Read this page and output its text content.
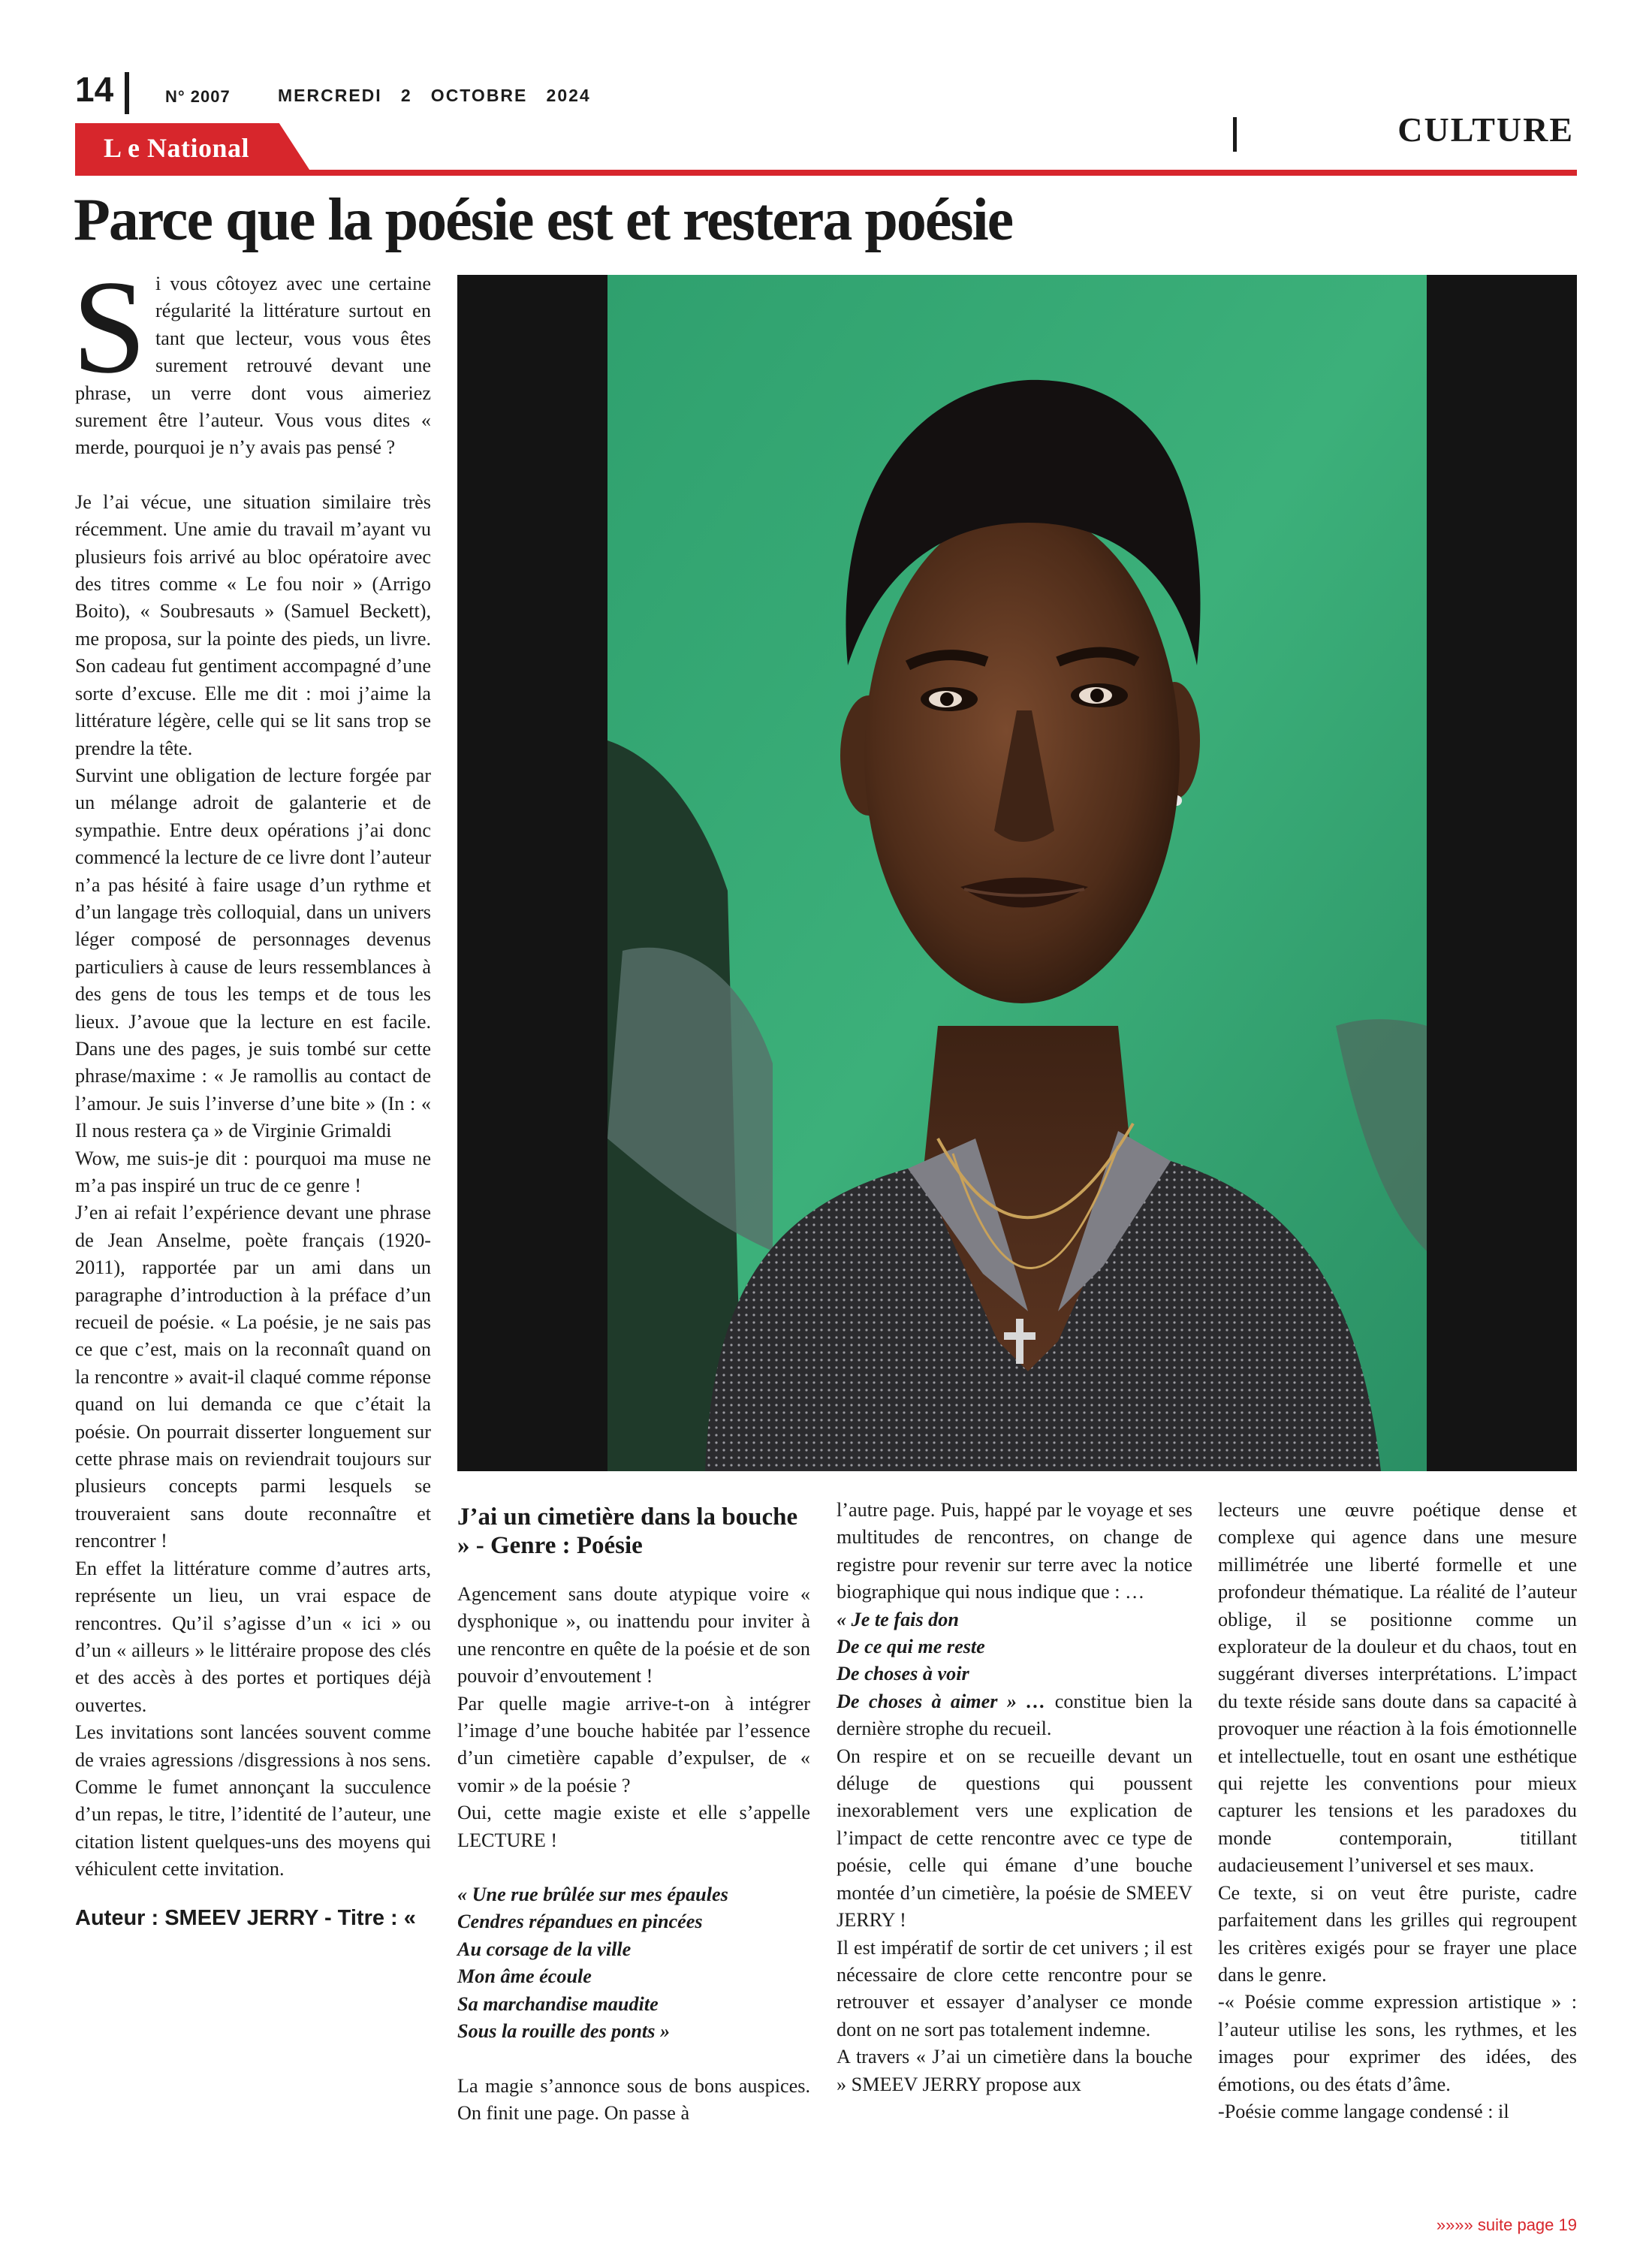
14	N° 2007	MERCREDI   2   OCTOBRE   2024
L e National	CULTURE
Parce que la poésie est et restera poésie
S i vous côtoyez avec une certaine régularité la littérature surtout en tant que lecteur, vous vous êtes surement retrouvé devant une phrase, un verre dont vous aimeriez surement être l’auteur. Vous vous dites « merde, pourquoi je n’y avais pas pensé ?

Je l’ai vécue, une situation similaire très récemment. Une amie du travail m’ayant vu plusieurs fois arrivé au bloc opératoire avec des titres comme « Le fou noir » (Arrigo Boito), « Soubresauts » (Samuel Beckett), me proposa, sur la pointe des pieds, un livre. Son cadeau fut gentiment accompagné d’une sorte d’excuse. Elle me dit : moi j’aime la littérature légère, celle qui se lit sans trop se prendre la tête.

Survint une obligation de lecture forgée par un mélange adroit de galanterie et de sympathie. Entre deux opérations j’ai donc commencé la lecture de ce livre dont l’auteur n’a pas hésité à faire usage d’un rythme et d’un langage très colloquial, dans un univers léger composé de personnages devenus particuliers à cause de leurs ressemblances à des gens de tous les temps et de tous les lieux. J’avoue que la lecture en est facile. Dans une des pages, je suis tombé sur cette phrase/maxime : « Je ramollis au contact de l’amour. Je suis l’inverse d’une bite » (In : « Il nous restera ça » de Virginie Grimaldi

Wow, me suis-je dit : pourquoi ma muse ne m’a pas inspiré un truc de ce genre !

J’en ai refait l’expérience devant une phrase de Jean Anselme, poète français (1920-2011), rapportée par un ami dans un paragraphe d’introduction à la préface d’un recueil de poésie. « La poésie, je ne sais pas ce que c’est, mais on la reconnaît quand on la rencontre » avait-il claqué comme réponse quand on lui demanda ce que c’était la poésie. On pourrait disserter longuement sur cette phrase mais on reviendrait toujours sur plusieurs concepts parmi lesquels se trouveraient sans doute reconnaître et rencontrer !

En effet la littérature comme d’autres arts, représente un lieu, un vrai espace de rencontres. Qu’il s’agisse d’un « ici » ou d’un « ailleurs » le littéraire propose des clés et des accès à des portes et portiques déjà ouvertes.

Les invitations sont lancées souvent comme de vraies agressions /disgressions à nos sens. Comme le fumet annonçant la succulence d’un repas, le titre, l’identité de l’auteur, une citation listent quelques-uns des moyens qui véhiculent cette invitation.

Auteur : SMEEV JERRY - Titre : «
J’ai un cimetière dans la bouche » - Genre : Poésie

Agencement sans doute atypique voire « dysphonique », ou inattendu pour inviter à une rencontre en quête de la poésie et de son pouvoir d’envoutement !

Par quelle magie arrive-t-on à intégrer l’image d’une bouche habitée par l’essence d’un cimetière capable d’expulser, de « vomir » de la poésie ?

Oui, cette magie existe et elle s’appelle LECTURE !

« Une rue brûlée sur mes épaules

Cendres répandues en pincées

Au corsage de la ville

Mon âme écoule

Sa marchandise maudite

Sous la rouille des ponts »

La magie s’annonce sous de bons auspices. On finit une page. On passe à

l’autre page. Puis, happé par le voyage et ses multitudes de rencontres, on change de registre pour revenir sur terre avec la notice biographique qui nous indique que : …

« Je te fais don

De ce qui me reste

De choses à voir

De choses à aimer » … constitue bien la dernière strophe du recueil.

On respire et on se recueille devant un déluge de questions qui poussent inexorablement vers une explication de l’impact de cette rencontre avec ce type de poésie, celle qui émane d’une bouche montée d’un cimetière, la poésie de SMEEV JERRY !

Il est impératif de sortir de cet univers ; il est nécessaire de clore cette rencontre pour se retrouver et essayer d’analyser ce monde dont on ne sort pas totalement indemne.

A travers « J’ai un cimetière dans la bouche » SMEEV JERRY propose aux

lecteurs une œuvre poétique dense et complexe qui agence dans une mesure millimétrée une liberté formelle et une profondeur thématique. La réalité de l’auteur oblige, il se positionne comme un explorateur de la douleur et du chaos, tout en suggérant diverses interprétations. L’impact du texte réside sans doute dans sa capacité à provoquer une réaction à la fois émotionnelle et intellectuelle, tout en osant une esthétique qui rejette les conventions pour mieux capturer les tensions et les paradoxes du monde contemporain, titillant audacieusement l’universel et ses maux.

Ce texte, si on veut être puriste, cadre parfaitement dans les grilles qui regroupent les critères exigés pour se frayer une place dans le genre.

-« Poésie comme expression artistique » : l’auteur utilise les sons, les rythmes, et les images pour exprimer des idées, des émotions, ou des états d’âme.

-Poésie comme langage condensé : il

»»»» suite page 19
